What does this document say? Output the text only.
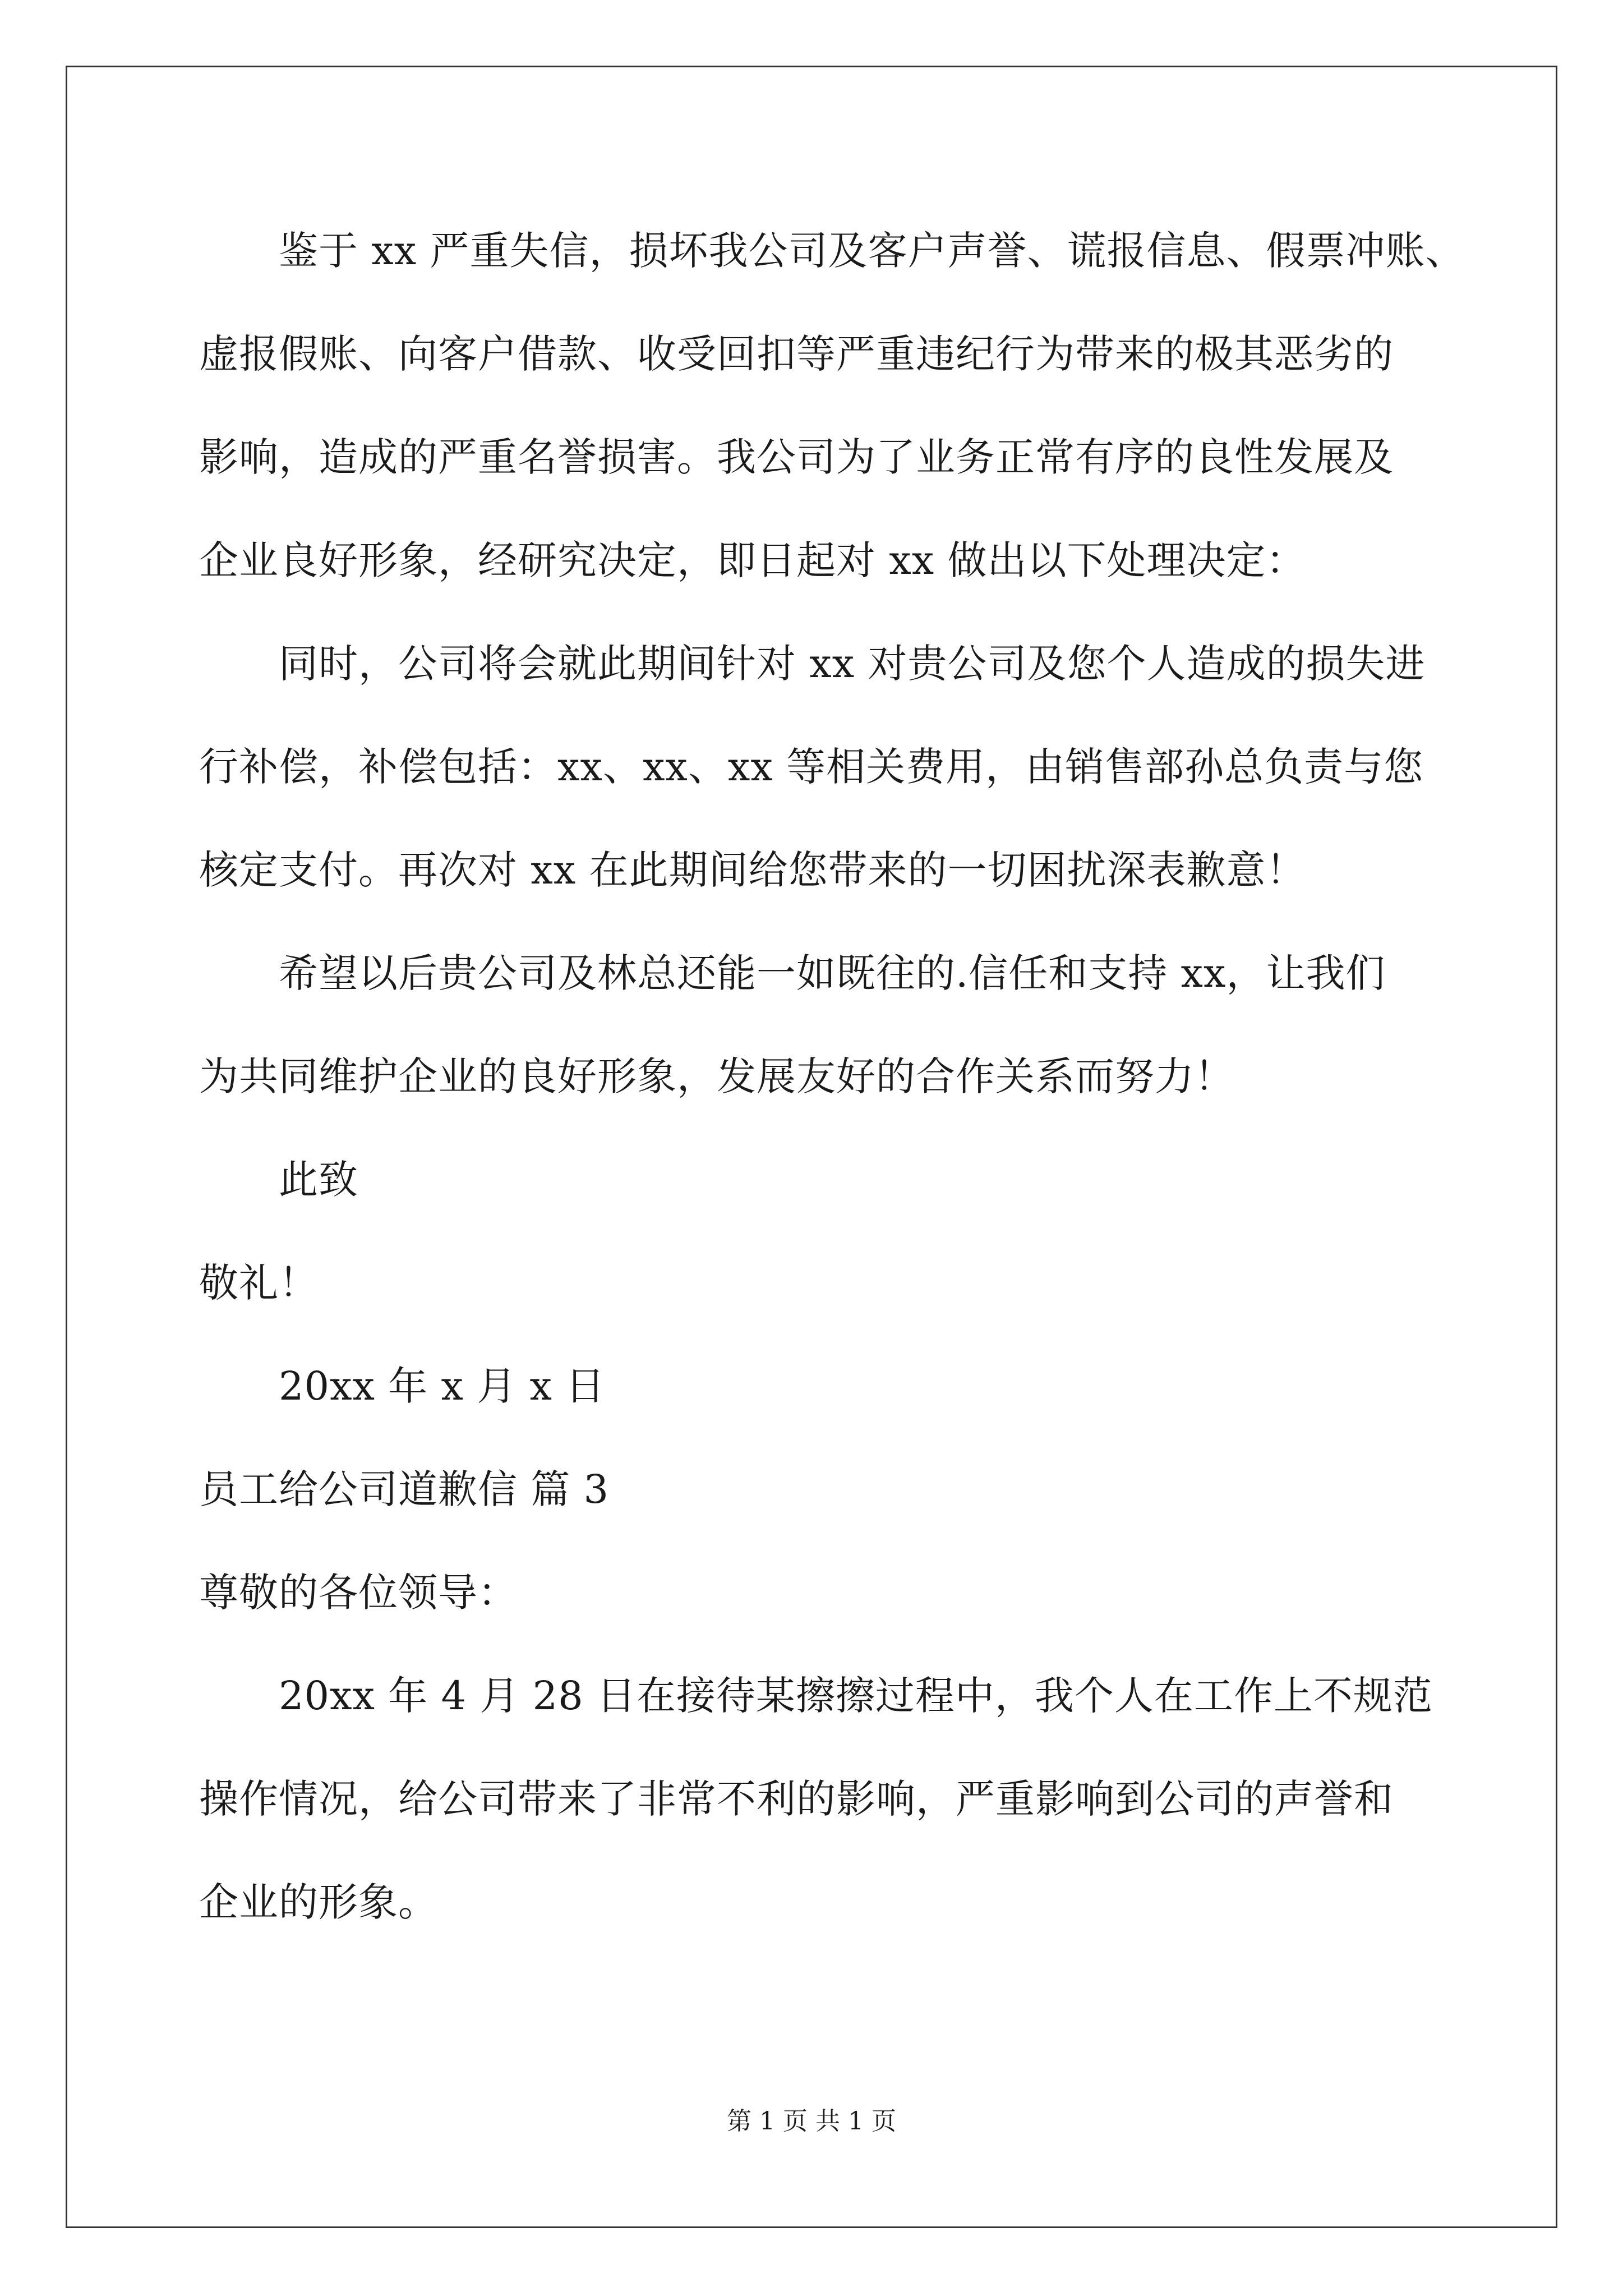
鉴于 xx 严重失信，损坏我公司及客户声誉、谎报信息、假票冲账、

虚报假账、向客户借款、收受回扣等严重违纪行为带来的极其恶劣的

影响，造成的严重名誉损害。我公司为了业务正常有序的良性发展及

企业良好形象，经研究决定，即日起对 xx 做出以下处理决定：

同时，公司将会就此期间针对 xx 对贵公司及您个人造成的损失进

行补偿，补偿包括：xx、xx、xx 等相关费用，由销售部孙总负责与您

核定支付。再次对 xx 在此期间给您带来的一切困扰深表歉意！

希望以后贵公司及林总还能一如既往的.信任和支持 xx，让我们

为共同维护企业的良好形象，发展友好的合作关系而努力！

此致

敬礼！

20xx 年 x 月 x 日

员工给公司道歉信 篇 3

尊敬的各位领导：

20xx 年 4 月 28 日在接待某擦擦过程中，我个人在工作上不规范

操作情况，给公司带来了非常不利的影响，严重影响到公司的声誉和

企业的形象。

第 1 页 共 1 页
